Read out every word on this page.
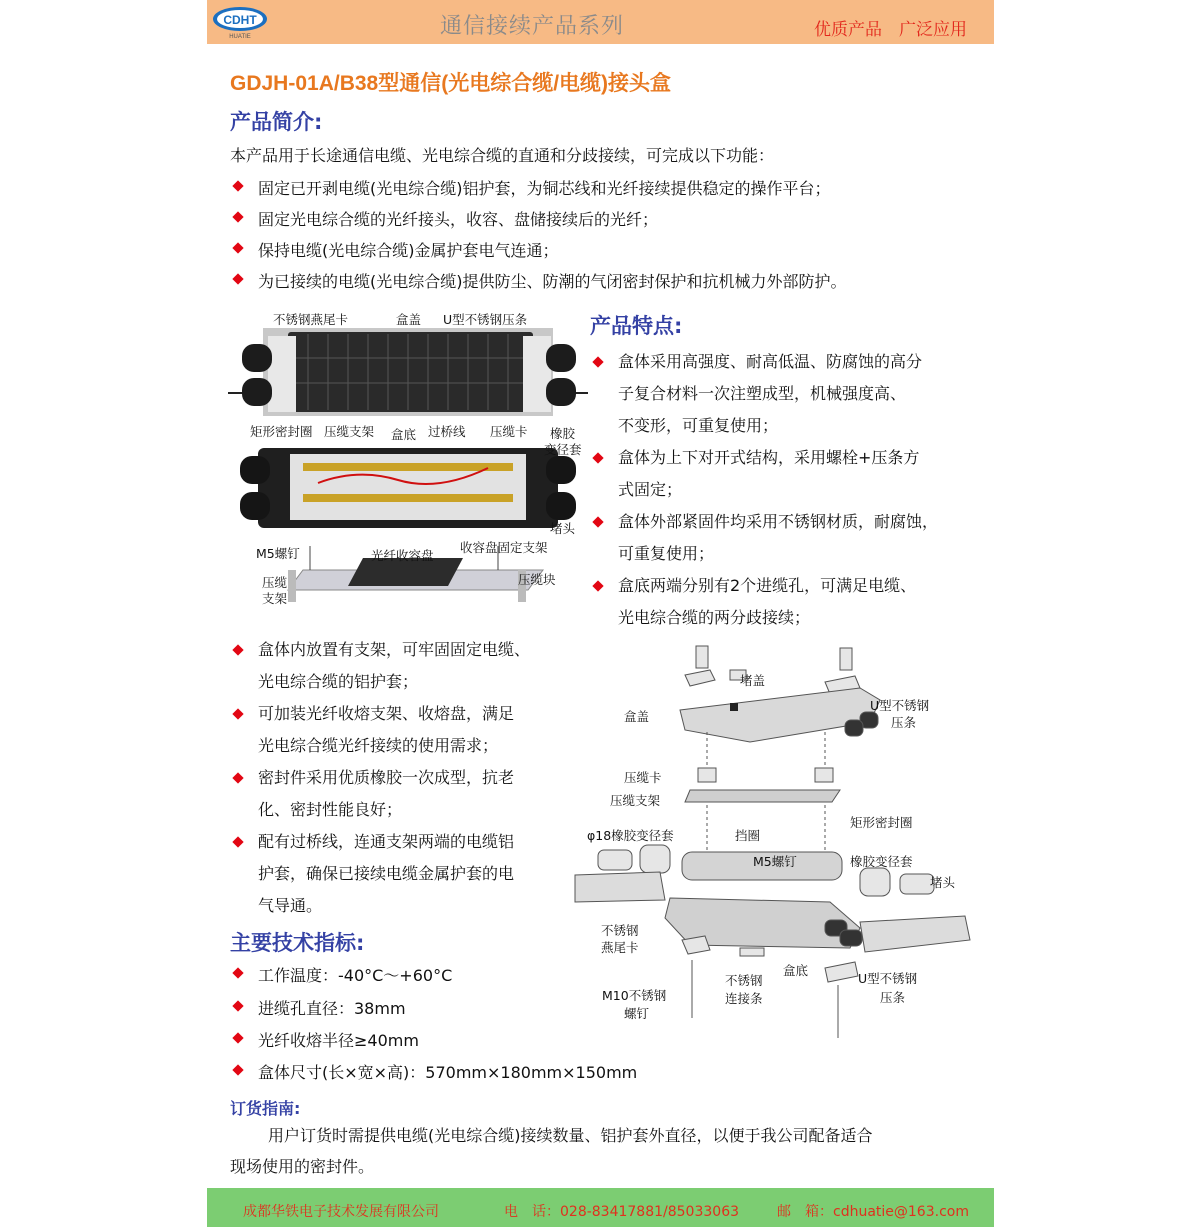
CDHT
HUATIE	通信接续产品系列	优质产品　广泛应用
GDJH-01A/B38型通信(光电综合缆/电缆)接头盒
产品简介:
本产品用于长途通信电缆、光电综合缆的直通和分歧接续，可完成以下功能：
固定已开剥电缆(光电综合缆)铝护套，为铜芯线和光纤接续提供稳定的操作平台；
固定光电综合缆的光纤接头，收容、盘储接续后的光纤；
保持电缆(光电综合缆)金属护套电气连通；
为已接续的电缆(光电综合缆)提供防尘、防潮的气闭密封保护和抗机械力外部防护。
不锈钢燕尾卡	盒盖 U型不锈钢压条
矩形密封圈 压缆支架 盒底 过桥线 压缆卡 橡胶
变径套
堵头
M5螺钉	光纤收容盘
收容盘固定支架
压缆
支架
压缆块
产品特点:
盒体采用高强度、耐高低温、防腐蚀的高分
子复合材料一次注塑成型，机械强度高、
不变形，可重复使用；
盒体为上下对开式结构，采用螺栓+压条方
式固定；
盒体外部紧固件均采用不锈钢材质，耐腐蚀，
可重复使用；
盒底两端分别有2个进缆孔，可满足电缆、
光电综合缆的两分歧接续；
盒体内放置有支架，可牢固固定电缆、
光电综合缆的铝护套；
可加装光纤收熔支架、收熔盘，满足
光电综合缆光纤接续的使用需求；
密封件采用优质橡胶一次成型，抗老
化、密封性能良好；
配有过桥线，连通支架两端的电缆铝
护套，确保已接续电缆金属护套的电
气导通。
堵盖
U型不锈钢
压条
盒盖
压缆卡
压缆支架
φ18橡胶变径套	挡圈
矩形密封圈
M5螺钉	橡胶变径套
堵头
不锈钢
燕尾卡
不锈钢
连接条
盒底
U型不锈钢
压条
M10不锈钢
螺钉
主要技术指标:
工作温度：-40°C～+60°C
进缆孔直径：38mm
光纤收熔半径≥40mm
盒体尺寸(长×宽×高)：570mm×180mm×150mm
订货指南:
用户订货时需提供电缆(光电综合缆)接续数量、铝护套外直径，以便于我公司配备适合
现场使用的密封件。
成都华铁电子技术发展有限公司	电　话：028-83417881/85033063	邮　箱：cdhuatie@163.com
